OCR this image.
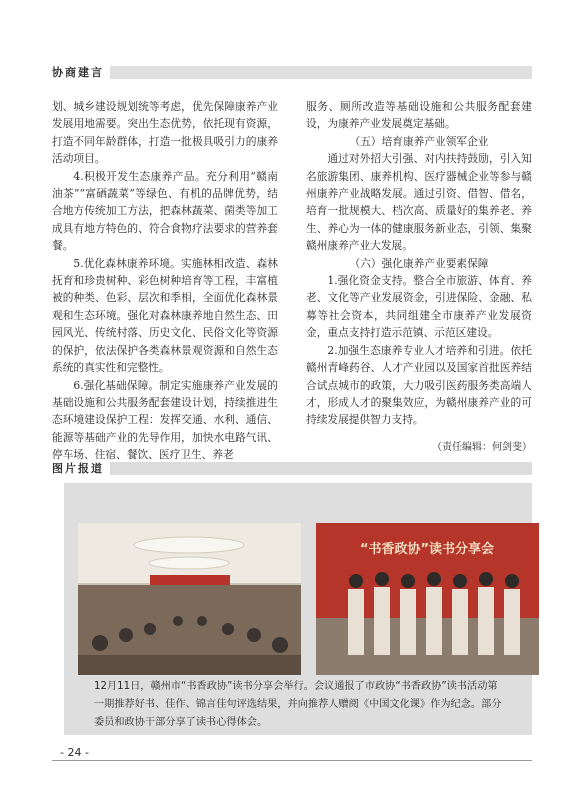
协商建言

划、城乡建设规划统等考虑，优先保障康养产业发展用地需要。突出生态优势，依托现有资源，打造不同年龄群体，打造一批极具吸引力的康养活动项目。

4.积极开发生态康养产品。充分利用“赣南油茶”“富硒蔬菜”等绿色、有机的品牌优势，结合地方传统加工方法，把森林蔬菜、菌类等加工成具有地方特色的、符合食物疗法要求的营养套餐。

5.优化森林康养环境。实施林相改造、森林抚育和珍贵树种、彩色树种培育等工程，丰富植被的种类、色彩、层次和季相，全面优化森林景观和生态环境。强化对森林康养地自然生态、田园风光、传统村落、历史文化、民俗文化等资源的保护，依法保护各类森林景观资源和自然生态系统的真实性和完整性。

6.强化基础保障。制定实施康养产业发展的基础设施和公共服务配套建设计划，持续推进生态环境建设保护工程：发挥交通、水利、通信、能源等基础产业的先导作用，加快水电路气讯、停车场、住宿、餐饮、医疗卫生、养老

服务、厕所改造等基础设施和公共服务配套建设，为康养产业发展奠定基础。

（五）培育康养产业领军企业

通过对外招大引强、对内扶持鼓励，引入知名旅游集团、康养机构、医疗器械企业等参与赣州康养产业战略发展。通过引资、借智、借名，培育一批规模大、档次高、质量好的集养老、养生、养心为一体的健康服务新业态，引领、集聚赣州康养产业大发展。

（六）强化康养产业要素保障

1.强化资金支持。整合全市旅游、体育、养老、文化等产业发展资金，引进保险、金融、私募等社会资本，共同组建全市康养产业发展资金，重点支持打造示范镇、示范区建设。

2.加强生态康养专业人才培养和引进。依托赣州青峰药谷、人才产业园以及国家首批医养结合试点城市的政策，大力吸引医药服务类高端人才，形成人才的聚集效应，为赣州康养产业的可持续发展提供智力支持。

（责任编辑：何剑斐）

图片报道
“书香政协”读书分享会

12月11日，赣州市“书香政协”读书分享会举行。会议通报了市政协“书香政协”读书活动第一期推荐好书、佳作、锦言佳句评选结果，并向推荐人赠阅《中国文化课》作为纪念。部分委员和政协干部分享了读书心得体会。

- 24 -
